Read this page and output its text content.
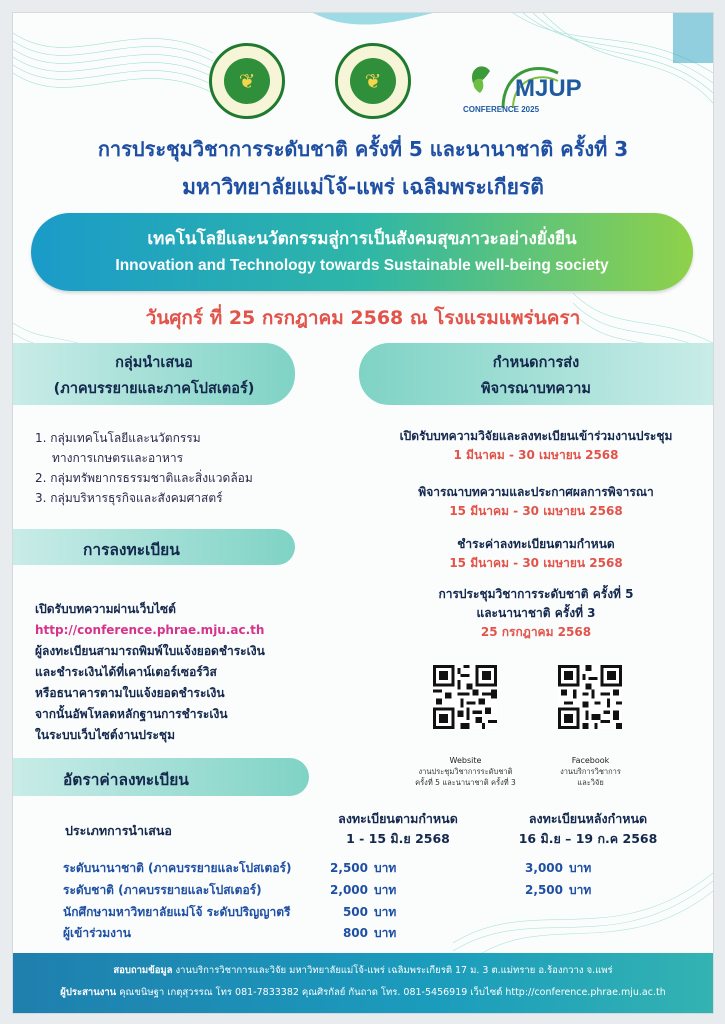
❦	❦	MJUP
CONFERENCE 2025
การประชุมวิชาการระดับชาติ ครั้งที่ 5 และนานาชาติ ครั้งที่ 3
มหาวิทยาลัยแม่โจ้-แพร่ เฉลิมพระเกียรติ
เทคโนโลยีและนวัตกรรมสู่การเป็นสังคมสุขภาวะอย่างยั่งยืน
Innovation and Technology towards Sustainable well-being society
วันศุกร์ ที่ 25 กรกฎาคม 2568 ณ โรงแรมแพร่นครา
กลุ่มนำเสนอ
(ภาคบรรยายและภาคโปสเตอร์)
1. กลุ่มเทคโนโลยีและนวัตกรรม
ทางการเกษตรและอาหาร
2. กลุ่มทรัพยากรธรรมชาติและสิ่งแวดล้อม
3. กลุ่มบริหารธุรกิจและสังคมศาสตร์
กำหนดการส่ง
พิจารณาบทความ
เปิดรับบทความวิจัยและลงทะเบียนเข้าร่วมงานประชุม
1 มีนาคม - 30 เมษายน 2568
พิจารณาบทความและประกาศผลการพิจารณา
15 มีนาคม - 30 เมษายน 2568
ชำระค่าลงทะเบียนตามกำหนด
15 มีนาคม - 30 เมษายน 2568
การประชุมวิชาการระดับชาติ ครั้งที่ 5
และนานาชาติ ครั้งที่ 3
25 กรกฎาคม 2568
การลงทะเบียน
เปิดรับบทความผ่านเว็บไซต์
http://conference.phrae.mju.ac.th
ผู้ลงทะเบียนสามารถพิมพ์ใบแจ้งยอดชำระเงิน
และชำระเงินได้ที่เคาน์เตอร์เซอร์วิส
หรือธนาคารตามใบแจ้งยอดชำระเงิน
จากนั้นอัพโหลดหลักฐานการชำระเงิน
ในระบบเว็บไซต์งานประชุม
Website
งานประชุมวิชาการระดับชาติ
ครั้งที่ 5 และนานาชาติ ครั้งที่ 3
Facebook
งานบริการวิชาการ
และวิจัย
อัตราค่าลงทะเบียน
ประเภทการนำเสนอ
ลงทะเบียนตามกำหนด
1 - 15 มิ.ย 2568
ลงทะเบียนหลังกำหนด
16 มิ.ย – 19 ก.ค 2568
ระดับนานาชาติ (ภาคบรรยายและโปสเตอร์)	2,500 บาท	3,000 บาท
ระดับชาติ (ภาคบรรยายและโปสเตอร์)	2,000 บาท	2,500 บาท
นักศึกษามหาวิทยาลัยแม่โจ้ ระดับปริญญาตรี	500 บาท
ผู้เข้าร่วมงาน	800 บาท
สอบถามข้อมูล งานบริการวิชาการและวิจัย มหาวิทยาลัยแม่โจ้-แพร่ เฉลิมพระเกียรติ 17 ม. 3 ต.แม่ทราย อ.ร้องกวาง จ.แพร่
ผู้ประสานงาน คุณขนิษฐา เกตุสุวรรณ โทร 081-7833382 คุณศิรกัลย์ กันถาด โทร. 081-5456919 เว็บไซต์ http://conference.phrae.mju.ac.th
